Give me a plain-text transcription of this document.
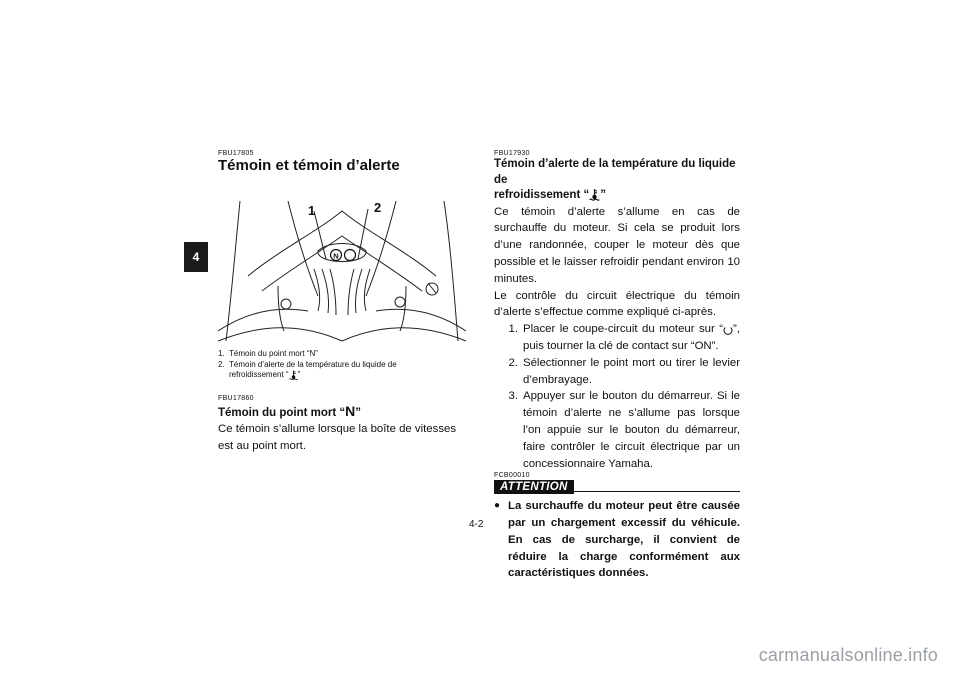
4
FBU17805
Témoin et témoin d’alerte
N
1	2
1. Témoin du point mort “N”
2. Témoin d’alerte de la température du liquide de
refroidissement “ ”
FBU17860
Témoin du point mort “N”

Ce témoin s’allume lorsque la boîte de vitesses est au point mort.

FBU17930
Témoin d’alerte de la température du liquide de
refroidissement “ ”

Ce témoin d’alerte s’allume en cas de surchauffe du moteur. Si cela se produit lors d’une randonnée, couper le moteur dès que possible et le laisser refroidir pendant environ 10 minutes.

Le contrôle du circuit électrique du témoin d’alerte s’effectue comme expliqué ci-après.

1. Placer le coupe-circuit du moteur sur “ ”, puis tourner la clé de contact sur “ON”.
2. Sélectionner le point mort ou tirer le levier d’embrayage.
3. Appuyer sur le bouton du démarreur. Si le témoin d’alerte ne s’allume pas lorsque l’on appuie sur le bouton du démarreur, faire contrôler le circuit électrique par un concessionnaire Yamaha.
FCB00010
ATTENTION
● La surchauffe du moteur peut être causée par un chargement excessif du véhicule. En cas de surcharge, il convient de réduire la charge conformément aux caractéristiques données.
4-2
carmanualsonline.info
